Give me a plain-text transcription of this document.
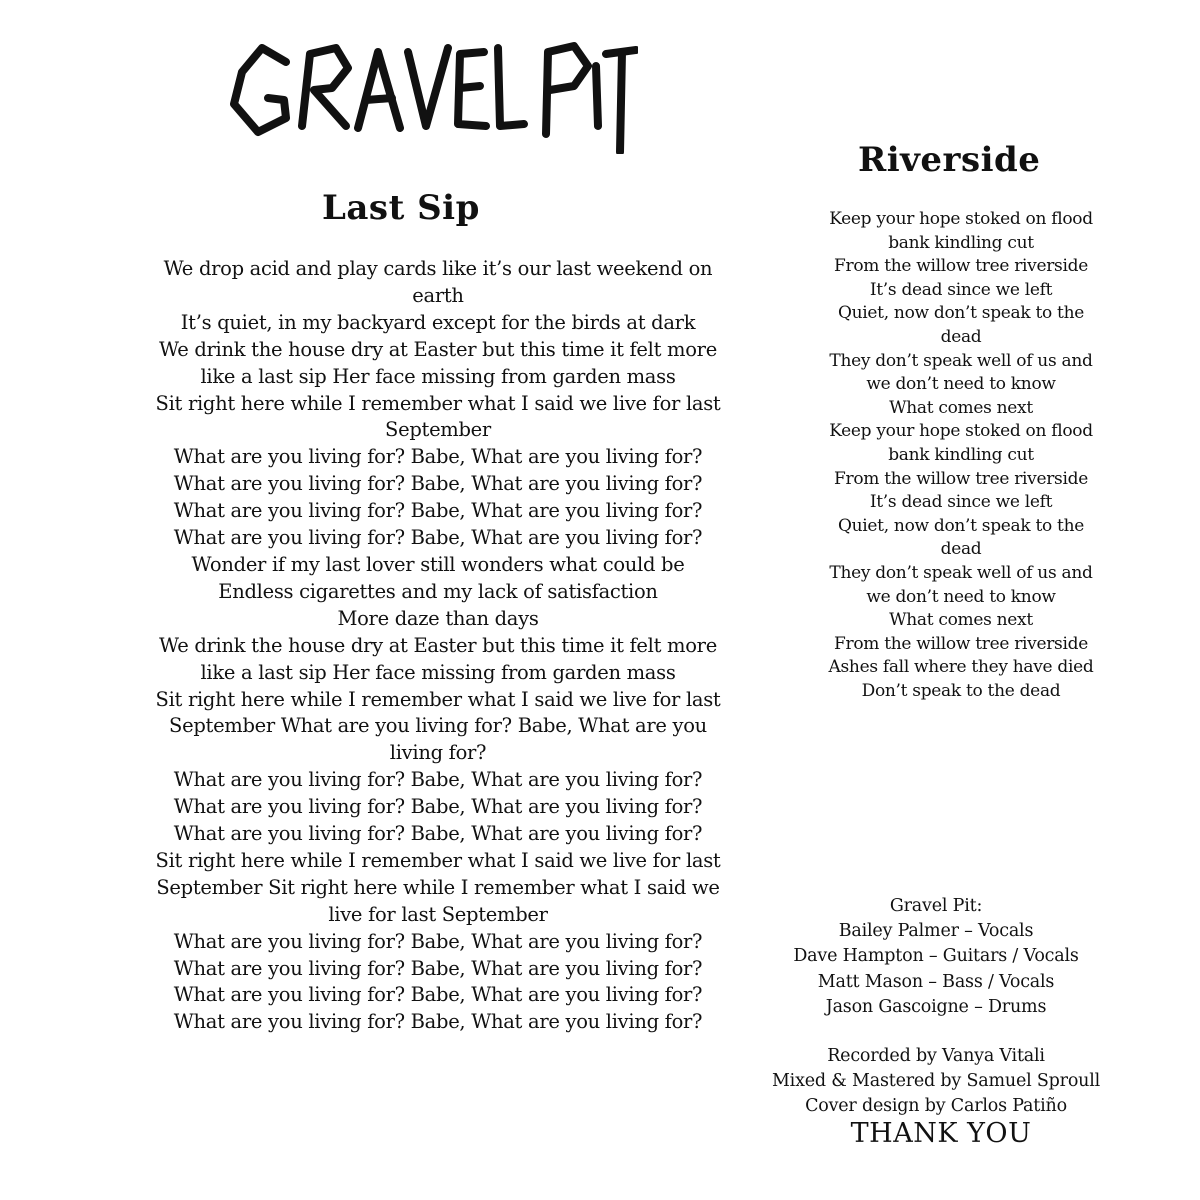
Last Sip
We drop acid and play cards like it’s our last weekend on
earth
It’s quiet, in my backyard except for the birds at dark
We drink the house dry at Easter but this time it felt more
like a last sip Her face missing from garden mass
Sit right here while I remember what I said we live for last
September
What are you living for? Babe, What are you living for?
What are you living for? Babe, What are you living for?
What are you living for? Babe, What are you living for?
What are you living for? Babe, What are you living for?
Wonder if my last lover still wonders what could be
Endless cigarettes and my lack of satisfaction
More daze than days
We drink the house dry at Easter but this time it felt more
like a last sip Her face missing from garden mass
Sit right here while I remember what I said we live for last
September What are you living for? Babe, What are you
living for?
What are you living for? Babe, What are you living for?
What are you living for? Babe, What are you living for?
What are you living for? Babe, What are you living for?
Sit right here while I remember what I said we live for last
September Sit right here while I remember what I said we
live for last September
What are you living for? Babe, What are you living for?
What are you living for? Babe, What are you living for?
What are you living for? Babe, What are you living for?
What are you living for? Babe, What are you living for?
Riverside
Keep your hope stoked on flood
bank kindling cut
From the willow tree riverside
It’s dead since we left
Quiet, now don’t speak to the
dead
They don’t speak well of us and
we don’t need to know
What comes next
Keep your hope stoked on flood
bank kindling cut
From the willow tree riverside
It’s dead since we left
Quiet, now don’t speak to the
dead
They don’t speak well of us and
we don’t need to know
What comes next
From the willow tree riverside
Ashes fall where they have died
Don’t speak to the dead
Gravel Pit:
Bailey Palmer – Vocals
Dave Hampton – Guitars / Vocals
Matt Mason – Bass / Vocals
Jason Gascoigne – Drums
Recorded by Vanya Vitali
Mixed & Mastered by Samuel Sproull
Cover design by Carlos Patiño

THANK YOU
